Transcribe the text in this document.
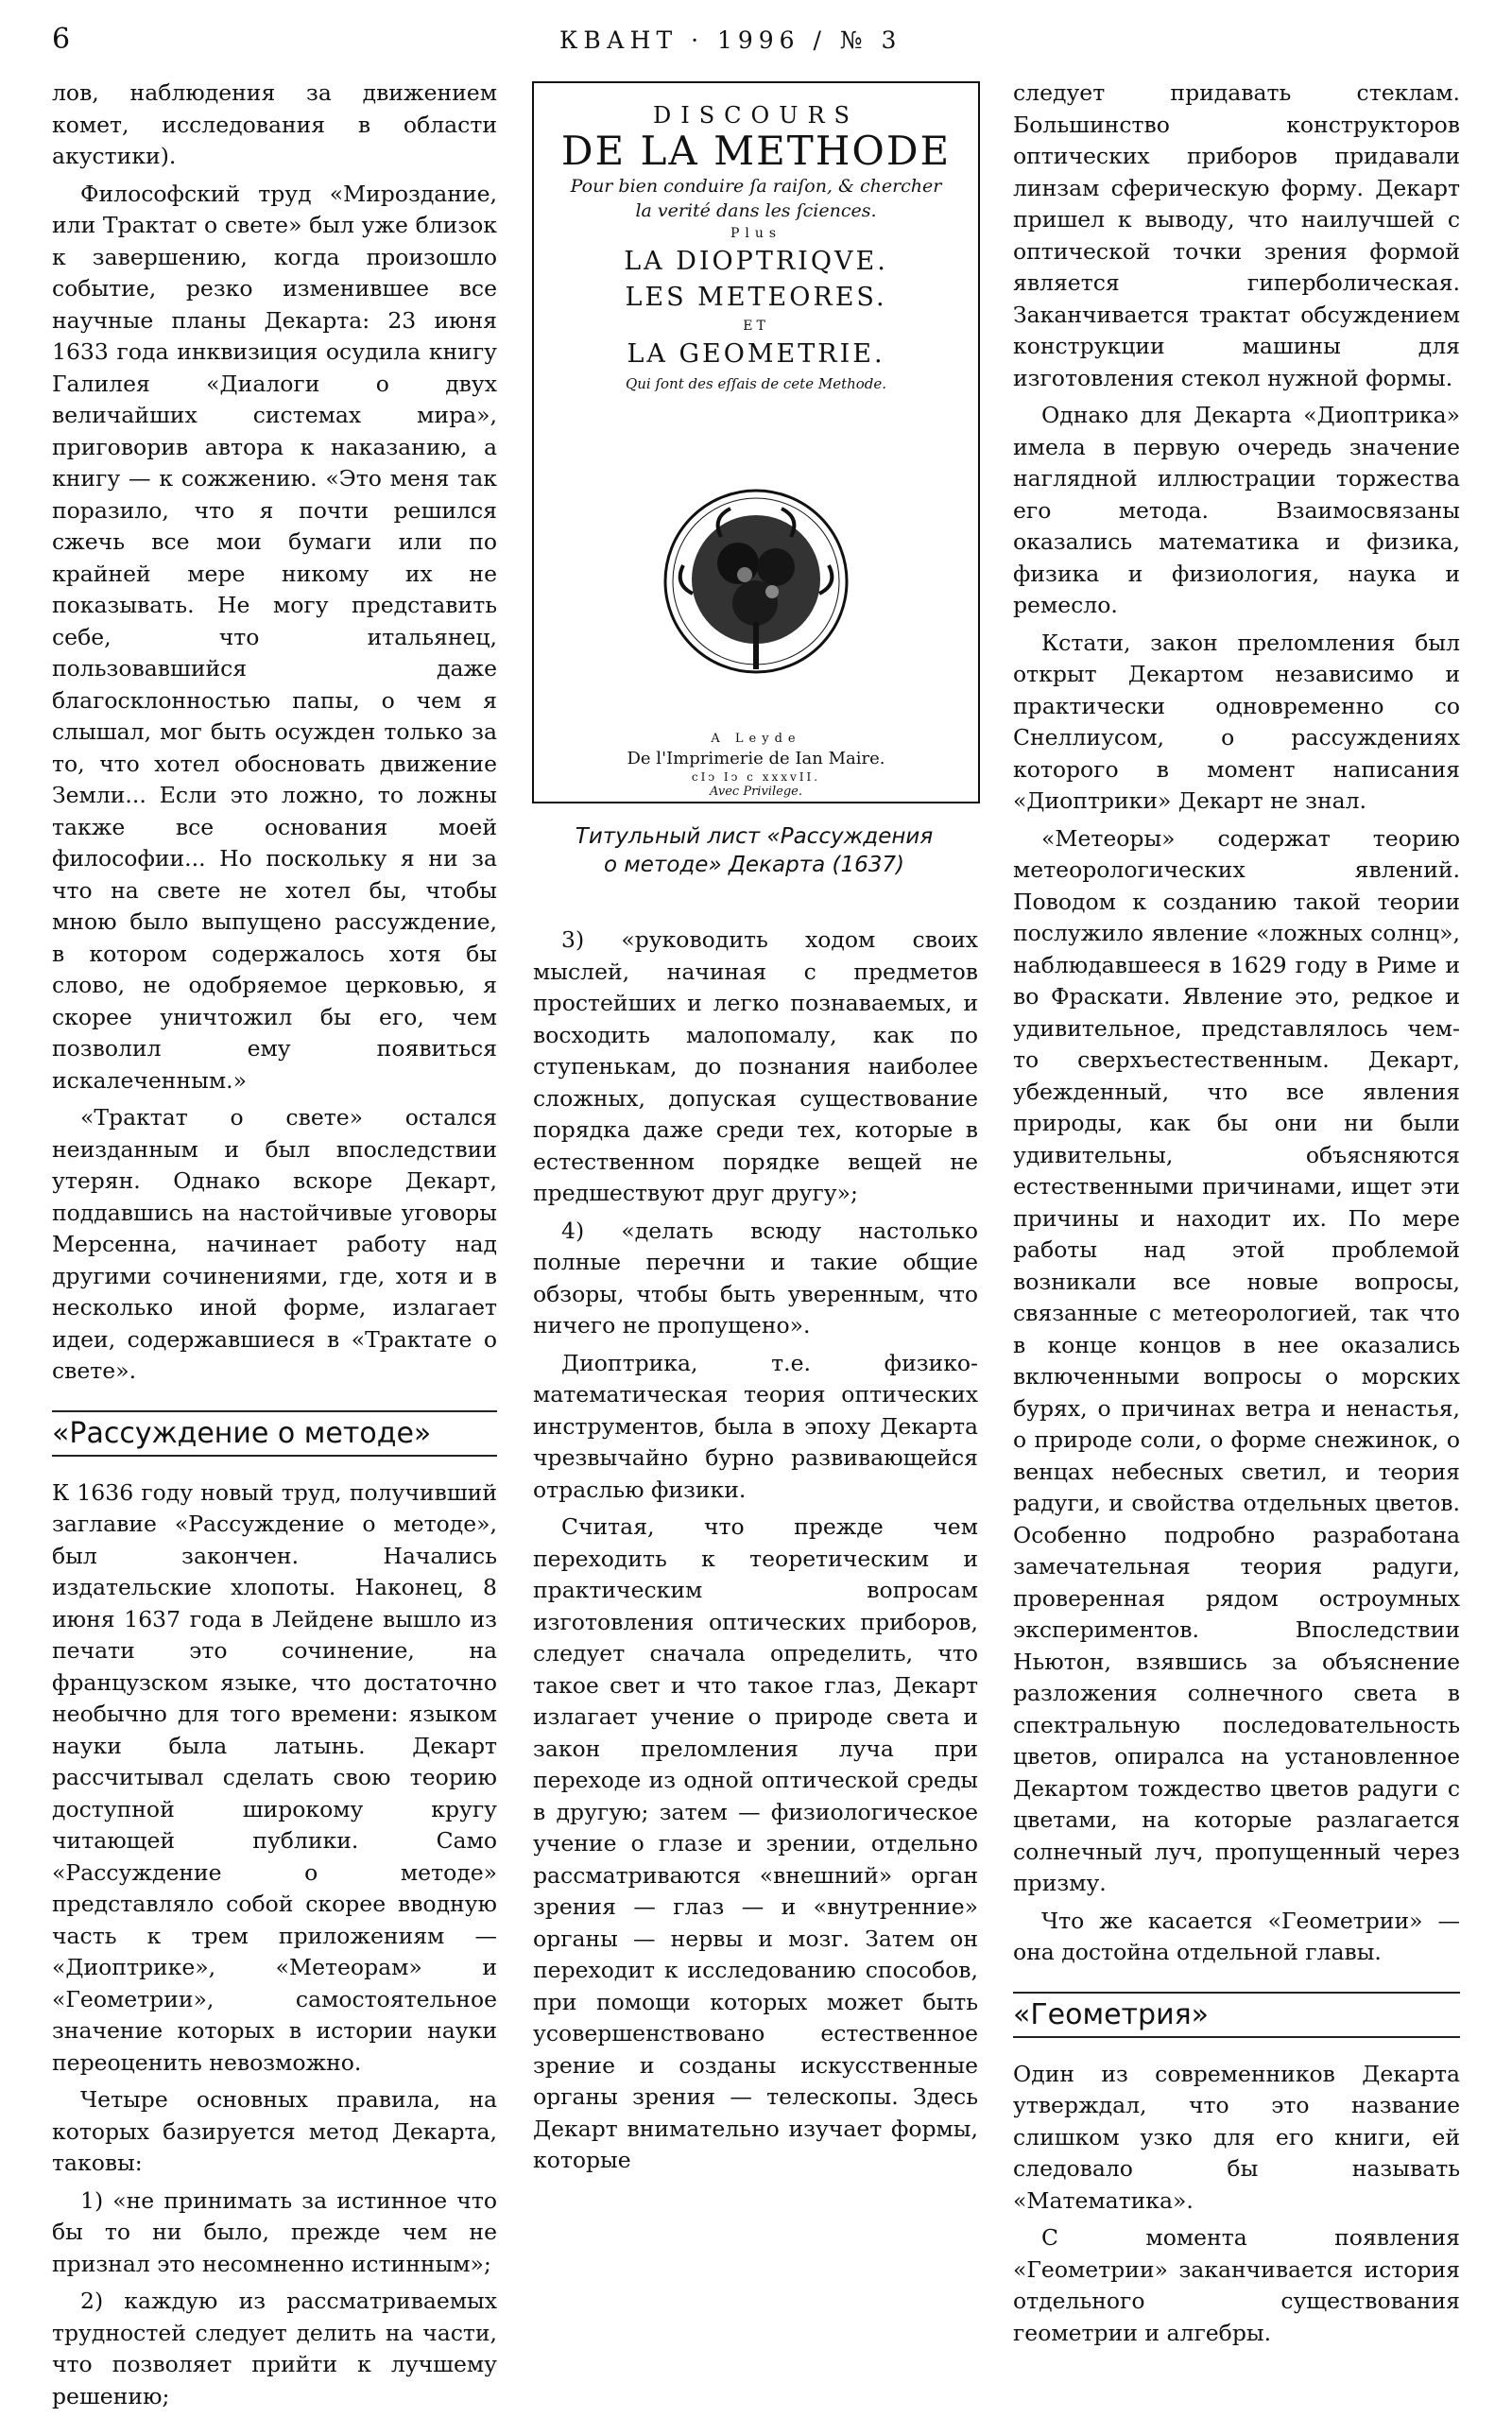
6	КВАНТ · 1996 / № 3

лов, наблюдения за движением комет, исследования в области акустики).

Философский труд «Мироздание, или Трактат о свете» был уже близок к завершению, когда произошло событие, резко изменившее все научные планы Декарта: 23 июня 1633 года инквизиция осудила книгу Галилея «Диалоги о двух величайших системах мира», приговорив автора к наказанию, а книгу — к сожжению. «Это меня так поразило, что я почти решился сжечь все мои бумаги или по крайней мере никому их не показывать. Не могу представить себе, что итальянец, пользовавшийся даже благосклонностью папы, о чем я слышал, мог быть осужден только за то, что хотел обосновать движение Земли... Если это ложно, то ложны также все основания моей философии... Но поскольку я ни за что на свете не хотел бы, чтобы мною было выпущено рассуждение, в котором содержалось хотя бы слово, не одобряемое церковью, я скорее уничтожил бы его, чем позволил ему появиться искалеченным.»

«Трактат о свете» остался неизданным и был впоследствии утерян. Однако вскоре Декарт, поддавшись на настойчивые уговоры Мерсенна, начинает работу над другими сочинениями, где, хотя и в несколько иной форме, излагает идеи, содержавшиеся в «Трактате о свете».

«Рассуждение о методе»

К 1636 году новый труд, получивший заглавие «Рассуждение о методе», был закончен. Начались издательские хлопоты. Наконец, 8 июня 1637 года в Лейдене вышло из печати это сочинение, на французском языке, что достаточно необычно для того времени: языком науки была латынь. Декарт рассчитывал сделать свою теорию доступной широкому кругу читающей публики. Само «Рассуждение о методе» представляло собой скорее вводную часть к трем приложениям — «Диоптрике», «Метеорам» и «Геометрии», самостоятельное значение которых в истории науки переоценить невозможно.

Четыре основных правила, на которых базируется метод Декарта, таковы:

1) «не принимать за истинное что бы то ни было, прежде чем не признал это несомненно истинным»;

2) каждую из рассматриваемых трудностей следует делить на части, что позволяет прийти к лучшему решению;

DISCOURS
DE LA METHODE
Pour bien conduire ſa raiſon, & chercher
la verité dans les ſciences.
Plus
LA DIOPTRIQVE.
LES METEORES.
ET
LA GEOMETRIE.
Qui ſont des eſſais de cete Methode.
A Leyde
De l'Imprimerie de Ian Maire.
cIↄ Iↄ c xxxvII.
Avec Privilege.
Титульный лист «Рассуждения
о методе» Декарта (1637)

3) «руководить ходом своих мыслей, начиная с предметов простейших и легко познаваемых, и восходить малопомалу, как по ступенькам, до познания наиболее сложных, допуская существование порядка даже среди тех, которые в естественном порядке вещей не предшествуют друг другу»;

4) «делать всюду настолько полные перечни и такие общие обзоры, чтобы быть уверенным, что ничего не пропущено».

Диоптрика, т.е. физико-математическая теория оптических инструментов, была в эпоху Декарта чрезвычайно бурно развивающейся отраслью физики.

Считая, что прежде чем переходить к теоретическим и практическим вопросам изготовления оптических приборов, следует сначала определить, что такое свет и что такое глаз, Декарт излагает учение о природе света и закон преломления луча при переходе из одной оптической среды в другую; затем — физиологическое учение о глазе и зрении, отдельно рассматриваются «внешний» орган зрения — глаз — и «внутренние» органы — нервы и мозг. Затем он переходит к исследованию способов, при помощи которых может быть усовершенствовано естественное зрение и созданы искусственные органы зрения — телескопы. Здесь Декарт внимательно изучает формы, которые

следует придавать стеклам. Большинство конструкторов оптических приборов придавали линзам сферическую форму. Декарт пришел к выводу, что наилучшей с оптической точки зрения формой является гиперболическая. Заканчивается трактат обсуждением конструкции машины для изготовления стекол нужной формы.

Однако для Декарта «Диоптрика» имела в первую очередь значение наглядной иллюстрации торжества его метода. Взаимосвязаны оказались математика и физика, физика и физиология, наука и ремесло.

Кстати, закон преломления был открыт Декартом независимо и практически одновременно со Снеллиусом, о рассуждениях которого в момент написания «Диоптрики» Декарт не знал.

«Метеоры» содержат теорию метеорологических явлений. Поводом к созданию такой теории послужило явление «ложных солнц», наблюдавшееся в 1629 году в Риме и во Фраскати. Явление это, редкое и удивительное, представлялось чем-то сверхъестественным. Декарт, убежденный, что все явления природы, как бы они ни были удивительны, объясняются естественными причинами, ищет эти причины и находит их. По мере работы над этой проблемой возникали все новые вопросы, связанные с метеорологией, так что в конце концов в нее оказались включенными вопросы о морских бурях, о причинах ветра и ненастья, о природе соли, о форме снежинок, о венцах небесных светил, и теория радуги, и свойства отдельных цветов. Особенно подробно разработана замечательная теория радуги, проверенная рядом остроумных экспериментов. Впоследствии Ньютон, взявшись за объяснение разложения солнечного света в спектральную последовательность цветов, опиралса на установленное Декартом тождество цветов радуги с цветами, на которые разлагается солнечный луч, пропущенный через призму.

Что же касается «Геометрии» — она достойна отдельной главы.

«Геометрия»

Один из современников Декарта утверждал, что это название слишком узко для его книги, ей следовало бы называть «Математика».

С момента появления «Геометрии» заканчивается история отдельного существования геометрии и алгебры.
